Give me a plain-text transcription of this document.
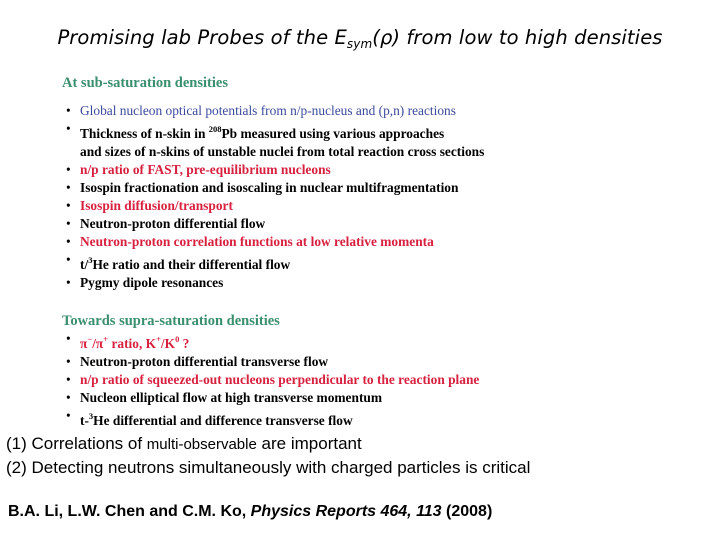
Promising lab Probes of the $E_{sym}(\rho)$ from low to high densities
At sub-saturation densities
• Global nucleon optical potentials from n/p-nucleus and (p,n) reactions
• Thickness of n-skin in $^{208}$Pb measured using various approaches
and sizes of n-skins of unstable nuclei from total reaction cross sections
• n/p ratio of FAST, pre-equilibrium nucleons
• Isospin fractionation and isoscaling in nuclear multifragmentation
• Isospin diffusion/transport
• Neutron-proton differential flow
• Neutron-proton correlation functions at low relative momenta
• t/$^3$He ratio and their differential flow
• Pygmy dipole resonances
Towards supra-saturation densities
• π−/π+ ratio, $K^+/K^0$ ?
• Neutron-proton differential transverse flow
• n/p ratio of squeezed-out nucleons perpendicular to the reaction plane
• Nucleon elliptical flow at high transverse momentum
• t-$^3$He differential and difference transverse flow
(1) Correlations of multi-observable are important
(2) Detecting neutrons simultaneously with charged particles is critical
B.A. Li, L.W. Chen and C.M. Ko, Physics Reports 464, 113 (2008)
